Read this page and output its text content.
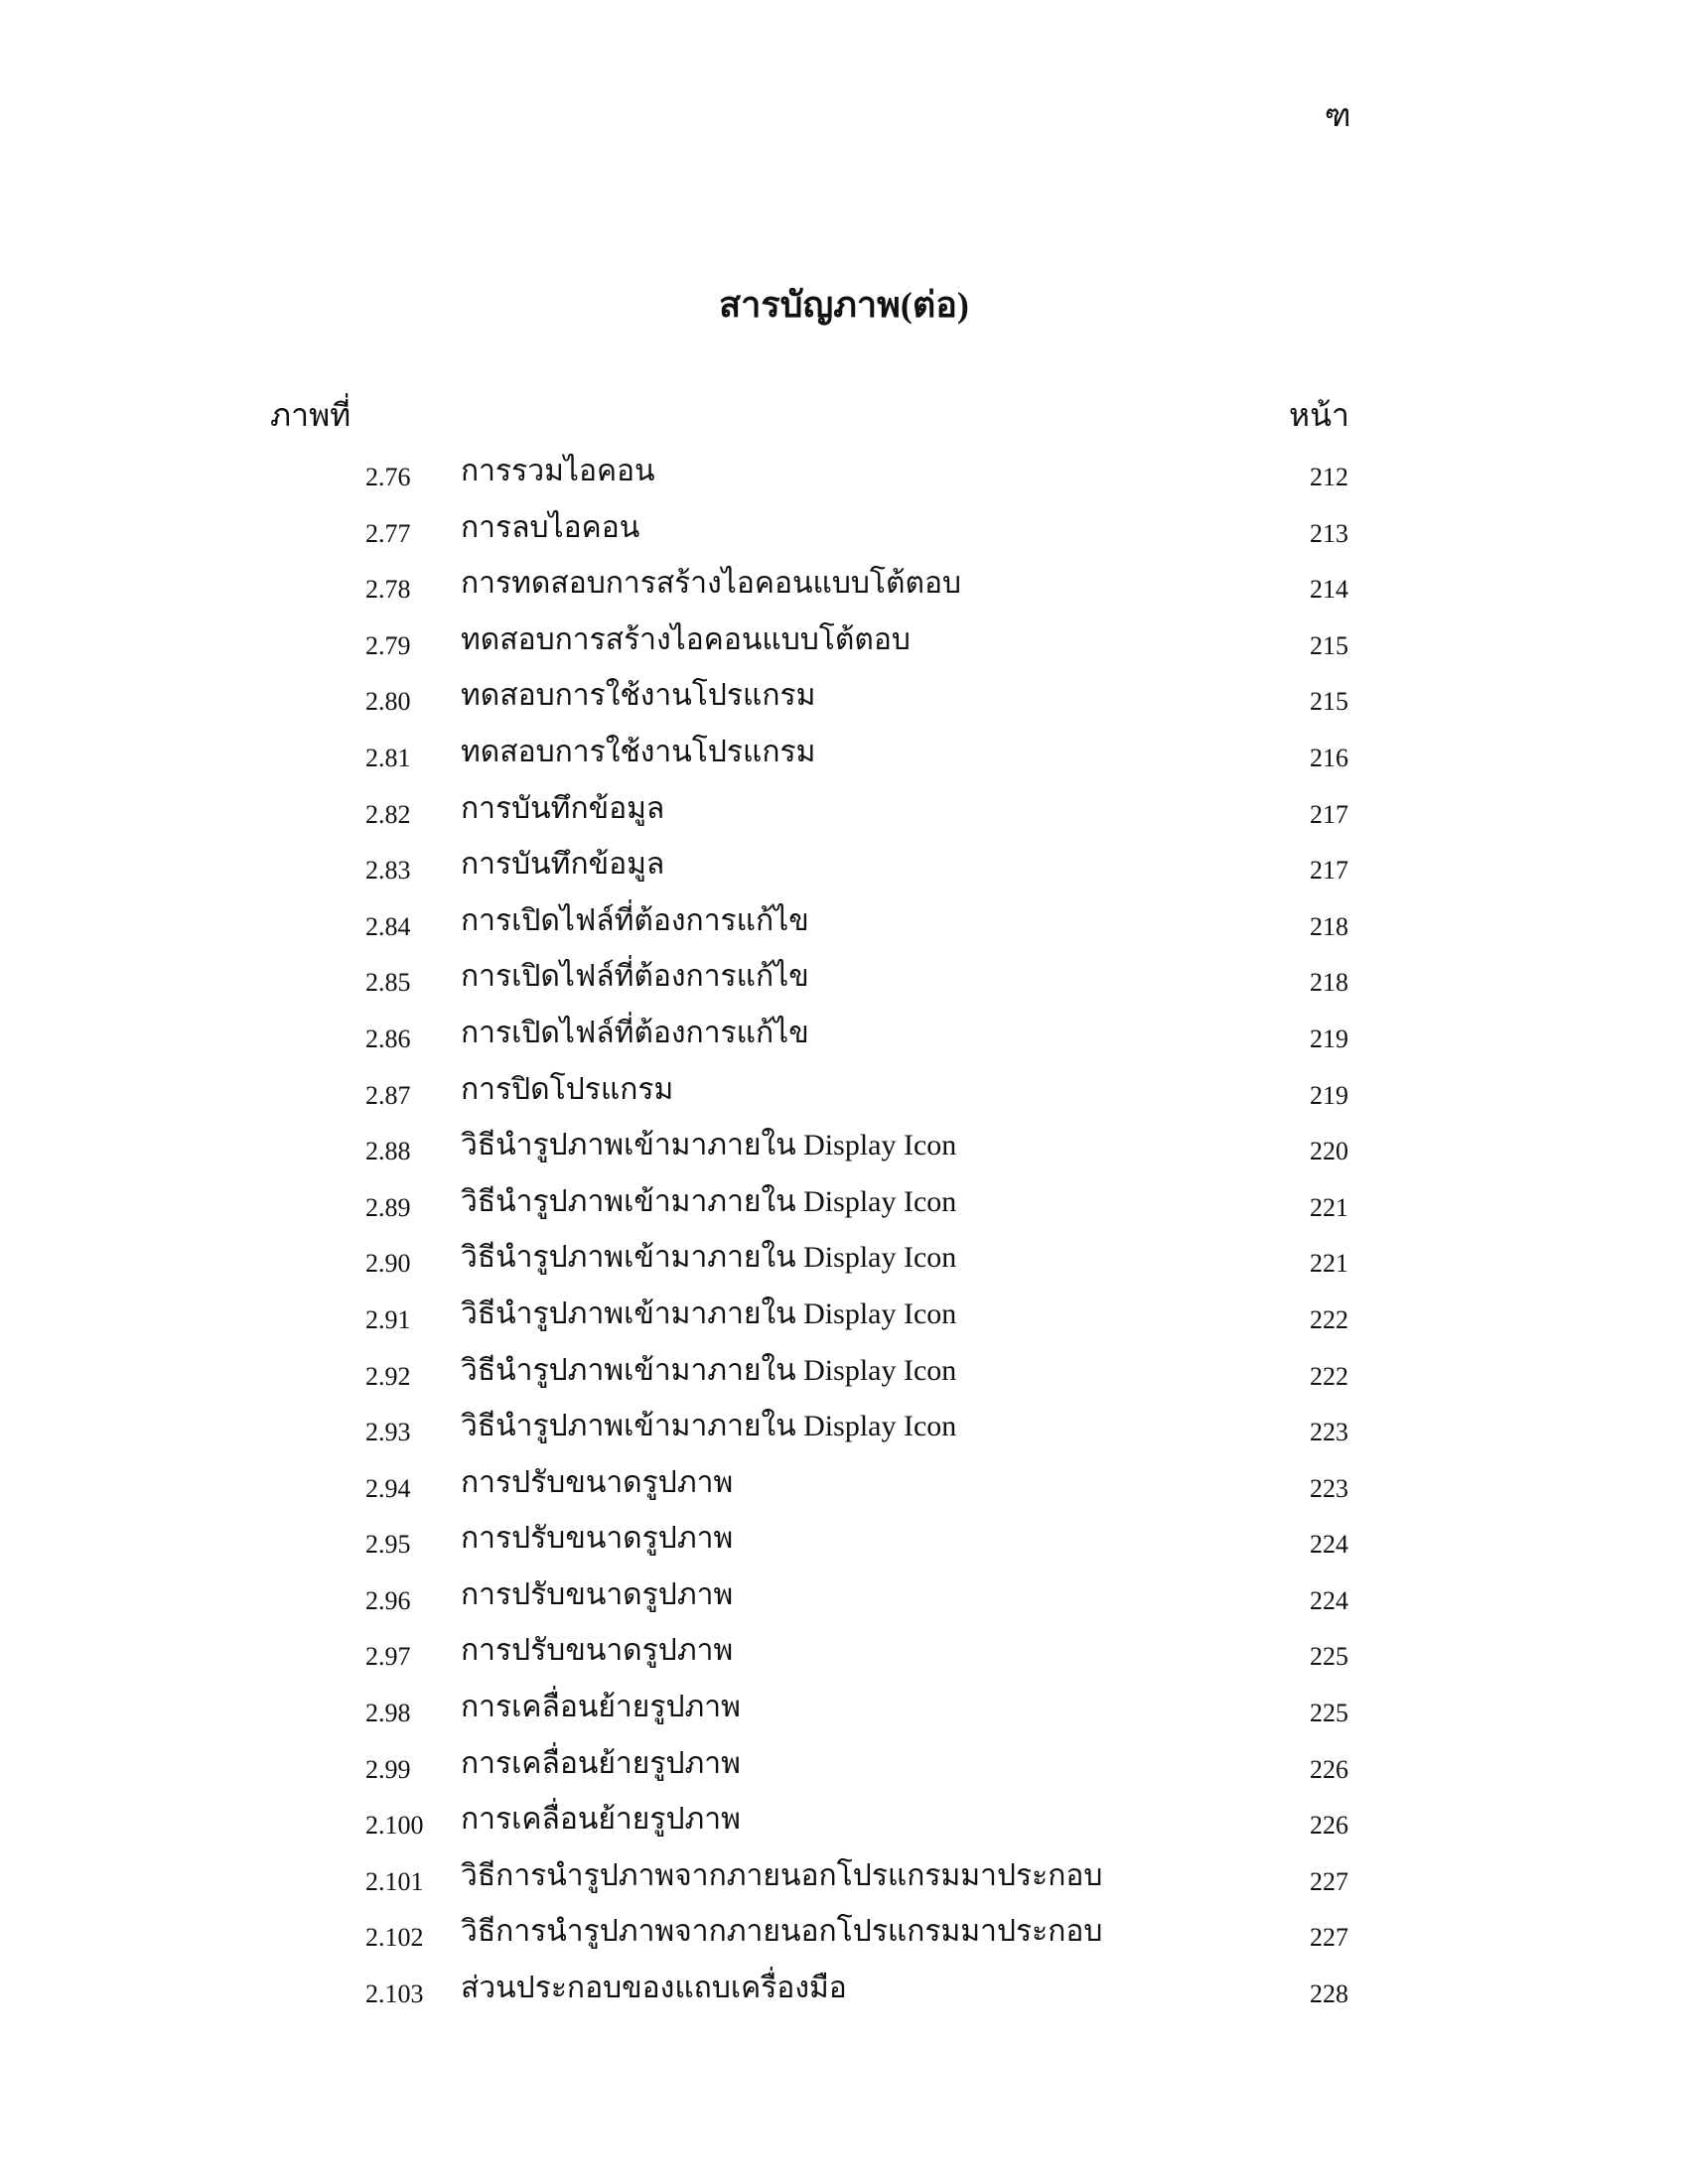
ฑ
สารบัญภาพ(ต่อ)
ภาพที่	หน้า
2.76 การรวมไอคอน	212
2.77 การลบไอคอน	213
2.78 การทดสอบการสร้างไอคอนแบบโต้ตอบ	214
2.79 ทดสอบการสร้างไอคอนแบบโต้ตอบ	215
2.80 ทดสอบการใช้งานโปรแกรม	215
2.81 ทดสอบการใช้งานโปรแกรม	216
2.82 การบันทึกข้อมูล	217
2.83 การบันทึกข้อมูล	217
2.84 การเปิดไฟล์ที่ต้องการแก้ไข	218
2.85 การเปิดไฟล์ที่ต้องการแก้ไข	218
2.86 การเปิดไฟล์ที่ต้องการแก้ไข	219
2.87 การปิดโปรแกรม	219
2.88 วิธีนำรูปภาพเข้ามาภายใน Display Icon	220
2.89 วิธีนำรูปภาพเข้ามาภายใน Display Icon	221
2.90 วิธีนำรูปภาพเข้ามาภายใน Display Icon	221
2.91 วิธีนำรูปภาพเข้ามาภายใน Display Icon	222
2.92 วิธีนำรูปภาพเข้ามาภายใน Display Icon	222
2.93 วิธีนำรูปภาพเข้ามาภายใน Display Icon	223
2.94 การปรับขนาดรูปภาพ	223
2.95 การปรับขนาดรูปภาพ	224
2.96 การปรับขนาดรูปภาพ	224
2.97 การปรับขนาดรูปภาพ	225
2.98 การเคลื่อนย้ายรูปภาพ	225
2.99 การเคลื่อนย้ายรูปภาพ	226
2.100 การเคลื่อนย้ายรูปภาพ	226
2.101 วิธีการนำรูปภาพจากภายนอกโปรแกรมมาประกอบ	227
2.102 วิธีการนำรูปภาพจากภายนอกโปรแกรมมาประกอบ	227
2.103 ส่วนประกอบของแถบเครื่องมือ	228
